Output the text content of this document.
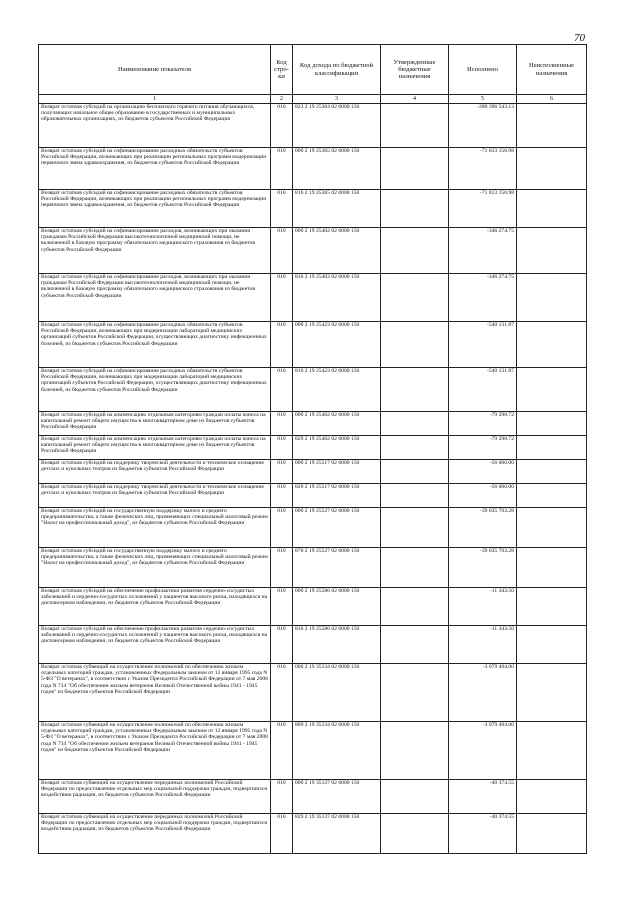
70
Наименование показателя	Код стро-ки	Код дохода по бюджетной классификации	Утвержденные бюджетные назначения	Исполнено	Неисполненные назначения
1	2	3	4	5	6
Возврат остатков субсидий на организацию бесплатного горячего питания обучающихся, получающих начальное общее образование в государственных и муниципальных образовательных организациях, из бюджетов субъектов Российской Федерации	010	823 2 19 25304 02 0000 150		-280 396 543.13	
Возврат остатков субсидий на софинансирование расходных обязательств субъектов Российской Федерации, возникающих при реализации региональных программ модернизации первичного звена здравоохранения, из бюджетов субъектов Российской Федерации	010	000 2 19 25365 02 0000 150		-71 813 156.98	
Возврат остатков субсидий на софинансирование расходных обязательств субъектов Российской Федерации, возникающих при реализации региональных программ модернизации первичного звена здравоохранения, из бюджетов субъектов Российской Федерации	010	816 2 19 25365 02 0000 150		-71 813 156.98	
Возврат остатков субсидий на софинансирование расходов, возникающих при оказании гражданам Российской Федерации высокотехнологичной медицинской помощи, не включенной в базовую программу обязательного медицинского страхования из бюджетов субъектов Российской Федерации	010	000 2 19 25402 02 0000 150		-346 274.75	
Возврат остатков субсидий на софинансирование расходов, возникающих при оказании гражданам Российской Федерации высокотехнологичной медицинской помощи, не включенной в базовую программу обязательного медицинского страхования из бюджетов субъектов Российской Федерации	010	816 2 19 25402 02 0000 150		-346 274.75	
Возврат остатков субсидий на софинансирование расходных обязательств субъектов Российской Федерации, возникающих при модернизации лабораторий медицинских организаций субъектов Российской Федерации, осуществляющих диагностику инфекционных болезней, из бюджетов субъектов Российской Федерации	010	000 2 19 25423 02 0000 150		-540 131.87	
Возврат остатков субсидий на софинансирование расходных обязательств субъектов Российской Федерации, возникающих при модернизации лабораторий медицинских организаций субъектов Российской Федерации, осуществляющих диагностику инфекционных болезней, из бюджетов субъектов Российской Федерации	010	816 2 19 25423 02 0000 150		-540 131.87	
Возврат остатков субсидий на компенсацию отдельным категориям граждан оплаты взноса на капитальный ремонт общего имущества в многоквартирном доме из бюджетов субъектов Российской Федерации	010	000 2 19 25462 02 0000 150		-79 298.72	
Возврат остатков субсидий на компенсацию отдельным категориям граждан оплаты взноса на капитальный ремонт общего имущества в многоквартирном доме из бюджетов субъектов Российской Федерации	010	829 2 19 25462 02 0000 150		-79 298.72	
Возврат остатков субсидий на поддержку творческой деятельности и техническое оснащение детских и кукольных театров из бюджетов субъектов Российской Федерации	010	000 2 19 25517 02 0000 150		-56 000.00	
Возврат остатков субсидий на поддержку творческой деятельности и техническое оснащение детских и кукольных театров из бюджетов субъектов Российской Федерации	010	820 2 19 25517 02 0000 150		-56 000.00	
Возврат остатков субсидий на государственную поддержку малого и среднего предпринимательства, а также физических лиц, применяющих специальный налоговый режим "Налог на профессиональный доход", из бюджетов субъектов Российской Федерации	010	000 2 19 25527 02 0000 150		-39 035 703.28	
Возврат остатков субсидий на государственную поддержку малого и среднего предпринимательства, а также физических лиц, применяющих специальный налоговый режим "Налог на профессиональный доход", из бюджетов субъектов Российской Федерации	010	870 2 19 25527 02 0000 150		-39 035 703.28	
Возврат остатков субсидий на обеспечение профилактики развития сердечно-сосудистых заболеваний и сердечно-сосудистых осложнений у пациентов высокого риска, находящихся на диспансерном наблюдении, из бюджетов субъектов Российской Федерации	010	000 2 19 25586 02 0000 150		-11 343.50	
Возврат остатков субсидий на обеспечение профилактики развития сердечно-сосудистых заболеваний и сердечно-сосудистых осложнений у пациентов высокого риска, находящихся на диспансерном наблюдении, из бюджетов субъектов Российской Федерации	010	816 2 19 25586 02 0000 150		-11 343.50	
Возврат остатков субвенций на осуществление полномочий по обеспечению жильем отдельных категорий граждан, установленных Федеральным законом от 12 января 1995 года N 5-ФЗ "О ветеранах", в соответствии с Указом Президента Российской Федерации от 7 мая 2008 года N 714 "Об обеспечении жильем ветеранов Великой Отечественной войны 1941 - 1945 годов" из бюджетов субъектов Российской Федерации	010	000 2 19 35134 02 0000 150		-3 079 404.00	
Возврат остатков субвенций на осуществление полномочий по обеспечению жильем отдельных категорий граждан, установленных Федеральным законом от 12 января 1995 года N 5-ФЗ "О ветеранах", в соответствии с Указом Президента Российской Федерации от 7 мая 2008 года N 714 "Об обеспечении жильем ветеранов Великой Отечественной войны 1941 - 1945 годов" из бюджетов субъектов Российской Федерации	010	809 2 19 35134 02 0000 150		-3 079 404.00	
Возврат остатков субвенций на осуществление переданных полномочий Российской Федерации по предоставлению отдельных мер социальной поддержки граждан, подвергшихся воздействию радиации, из бюджетов субъектов Российской Федерации	010	000 2 19 35137 02 0000 150		-40 374.55	
Возврат остатков субвенций на осуществление переданных полномочий Российской Федерации по предоставлению отдельных мер социальной поддержки граждан, подвергшихся воздействию радиации, из бюджетов субъектов Российской Федерации	010	829 2 19 35137 02 0000 150		-40 374.55	
